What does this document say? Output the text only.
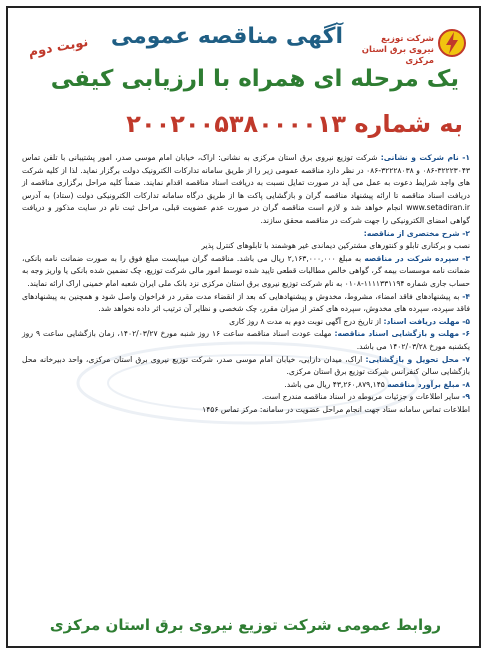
شرکت توزیع نیروی برق استان مرکزی
آگهی مناقصه عمومی
نوبت دوم
یک مرحله ای همراه با ارزیابی کیفی
به شماره ۲۰۰۲۰۰۵۳۸۰۰۰۰۱۳

۱- نام شرکت و نشانی: شرکت توزیع نیروی برق استان مرکزی به نشانی: اراک، خیابان امام موسی صدر، امور پشتیبانی با تلفن تماس ۳۲۲۲۳۰۴۳-۰۸۶ و ۳۲۲۲۸۰۳۸-۰۸۶ در نظر دارد مناقصه عمومی زیر را از طریق سامانه تدارکات الکترونیک دولت برگزار نماید. لذا از کلیه شرکت های واجد شرایط دعوت به عمل می آید در صورت تمایل نسبت به دریافت اسناد مناقصه اقدام نمایند. ضمناً کلیه مراحل برگزاری مناقصه از دریافت اسناد مناقصه تا ارائه پیشنهاد مناقصه گران و بازگشایی پاکت ها از طریق درگاه سامانه تدارکات الکترونیکی دولت (ستاد) به آدرس www.setadiran.ir انجام خواهد شد و لازم است مناقصه گران در صورت عدم عضویت قبلی، مراحل ثبت نام در سایت مذکور و دریافت گواهی امضای الکترونیکی را جهت شرکت در مناقصه محقق سازند.

۲- شرح مختصری از مناقصه:
نصب و برکناری تابلو و کنتورهای مشترکین دیماندی غیر هوشمند با تابلوهای کنترل پذیر

۳- سپرده شرکت در مناقصه به مبلغ ۲,۱۶۳,۰۰۰,۰۰۰ ریال می باشد. مناقصه گران میبایست مبلغ فوق را به صورت ضمانت نامه بانکی، ضمانت نامه موسسات بیمه گر، گواهی خالص مطالبات قطعی تایید شده توسط امور مالی شرکت توزیع، چک تضمین شده بانکی یا واریز وجه به حساب جاری شماره ۱۱۱۱۳۳۱۱۹۴-۰۱۰۸ به نام شرکت توزیع نیروی برق استان مرکزی نزد بانک ملی ایران شعبه امام خمینی اراک ارائه نمایند.

۴- به پیشنهادهای فاقد امضاء، مشروط، مخدوش و پیشنهادهایی که بعد از انقضاء مدت مقرر در فراخوان واصل شود و همچنین به پیشنهادهای فاقد سپرده، سپرده های مخدوش، سپرده های کمتر از میزان مقرر، چک شخصی و نظایر آن ترتیب اثر داده نخواهد شد.

۵- مهلت دریافت اسناد: از تاریخ درج آگهی نوبت دوم به مدت ۸ روز کاری

۶- مهلت و بازگشایی اسناد مناقصه: مهلت عودت اسناد مناقصه ساعت ۱۶ روز شنبه مورخ ۱۴۰۲/۰۳/۲۷، زمان بازگشایی ساعت ۹ روز یکشنبه مورخ ۱۴۰۲/۰۳/۲۸ می باشد.

۷- محل تحویل و بازگشایی: اراک، میدان دارایی، خیابان امام موسی صدر، شرکت توزیع نیروی برق استان مرکزی، واحد دبیرخانه محل بازگشایی سالن کنفرانس شرکت توزیع برق استان مرکزی.

۸- مبلغ برآورد مناقصه ۴۳,۲۶۰,۸۷۹,۱۴۵ ریال می باشد.

۹- سایر اطلاعات و جزئیات مربوطه در اسناد مناقصه مندرج است.

اطلاعات تماس سامانه ستاد جهت انجام مراحل عضویت در سامانه: مرکز تماس ۱۴۵۶

روابط عمومی شرکت توزیع نیروی برق استان مرکزی
